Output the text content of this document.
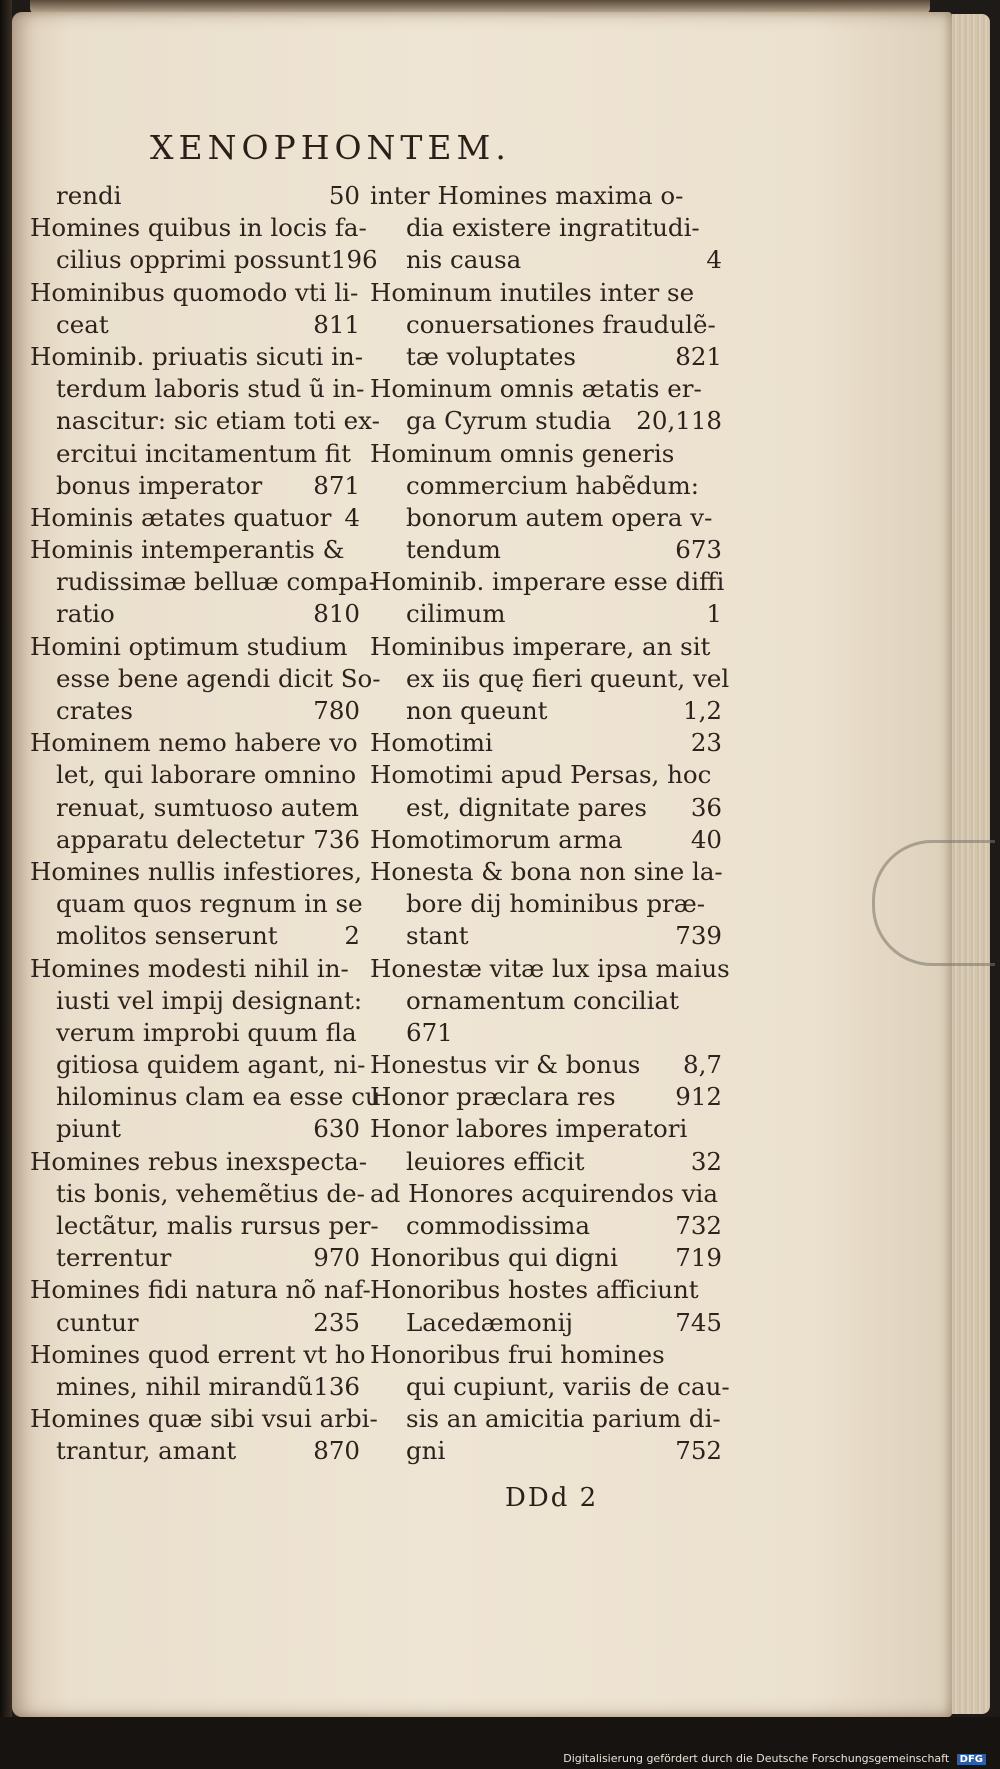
XENOPHONTEM.
rendi	50
Homines quibus in locis fa-
cilius opprimi possunt196
Hominibus quomodo vti li-
ceat	811
Hominib. priuatis sicuti in-
terdum laboris stud ũ in-
nascitur: sic etiam toti ex-
ercitui incitamentum fit
bonus imperator 871
Hominis ætates quatuor 4
Hominis intemperantis &
rudissimæ belluæ compa-
ratio	810
Homini optimum studium
esse bene agendi dicit So-
crates	780
Hominem nemo habere vo
let, qui laborare omnino
renuat, sumtuoso autem
apparatu delectetur 736
Homines nullis infestiores,
quam quos regnum in se
molitos senserunt	2
Homines modesti nihil in-
iusti vel impij designant:
verum improbi quum fla
gitiosa quidem agant, ni-
hilominus clam ea esse cu
piunt	630
Homines rebus inexspecta-
tis bonis, vehemẽtius de-
lectãtur, malis rursus per-
terrentur	970
Homines fidi natura nõ naf-
cuntur	235
Homines quod errent vt ho
mines, nihil mirandũ 136
Homines quæ sibi vsui arbi-
trantur, amant	870
inter Homines maxima o-
dia existere ingratitudi-
nis causa	4
Hominum inutiles inter se
conuersationes fraudulẽ-
tæ voluptates	821
Hominum omnis ætatis er-
ga Cyrum studia 20,118
Hominum omnis generis
commercium habẽdum:
bonorum autem opera v-
tendum	673
Hominib. imperare esse diffi
cilimum	1
Hominibus imperare, an sit
ex iis quę fieri queunt, vel
non queunt	1,2
Homotimi	23
Homotimi apud Persas, hoc
est, dignitate pares 36
Homotimorum arma	40
Honesta & bona non sine la-
bore dij hominibus præ-
stant	739
Honestæ vitæ lux ipsa maius
ornamentum conciliat
671
Honestus vir & bonus 8,7
Honor præclara res 912
Honor labores imperatori
leuiores efficit	32
ad Honores acquirendos via
commodissima	732
Honoribus qui digni 719
Honoribus hostes afficiunt
Lacedæmonij	745
Honoribus frui homines
qui cupiunt, variis de cau-
sis an amicitia parium di-
gni	752
DDd 2
Digitalisierung gefördert durch die Deutsche Forschungsgemeinschaft DFG
